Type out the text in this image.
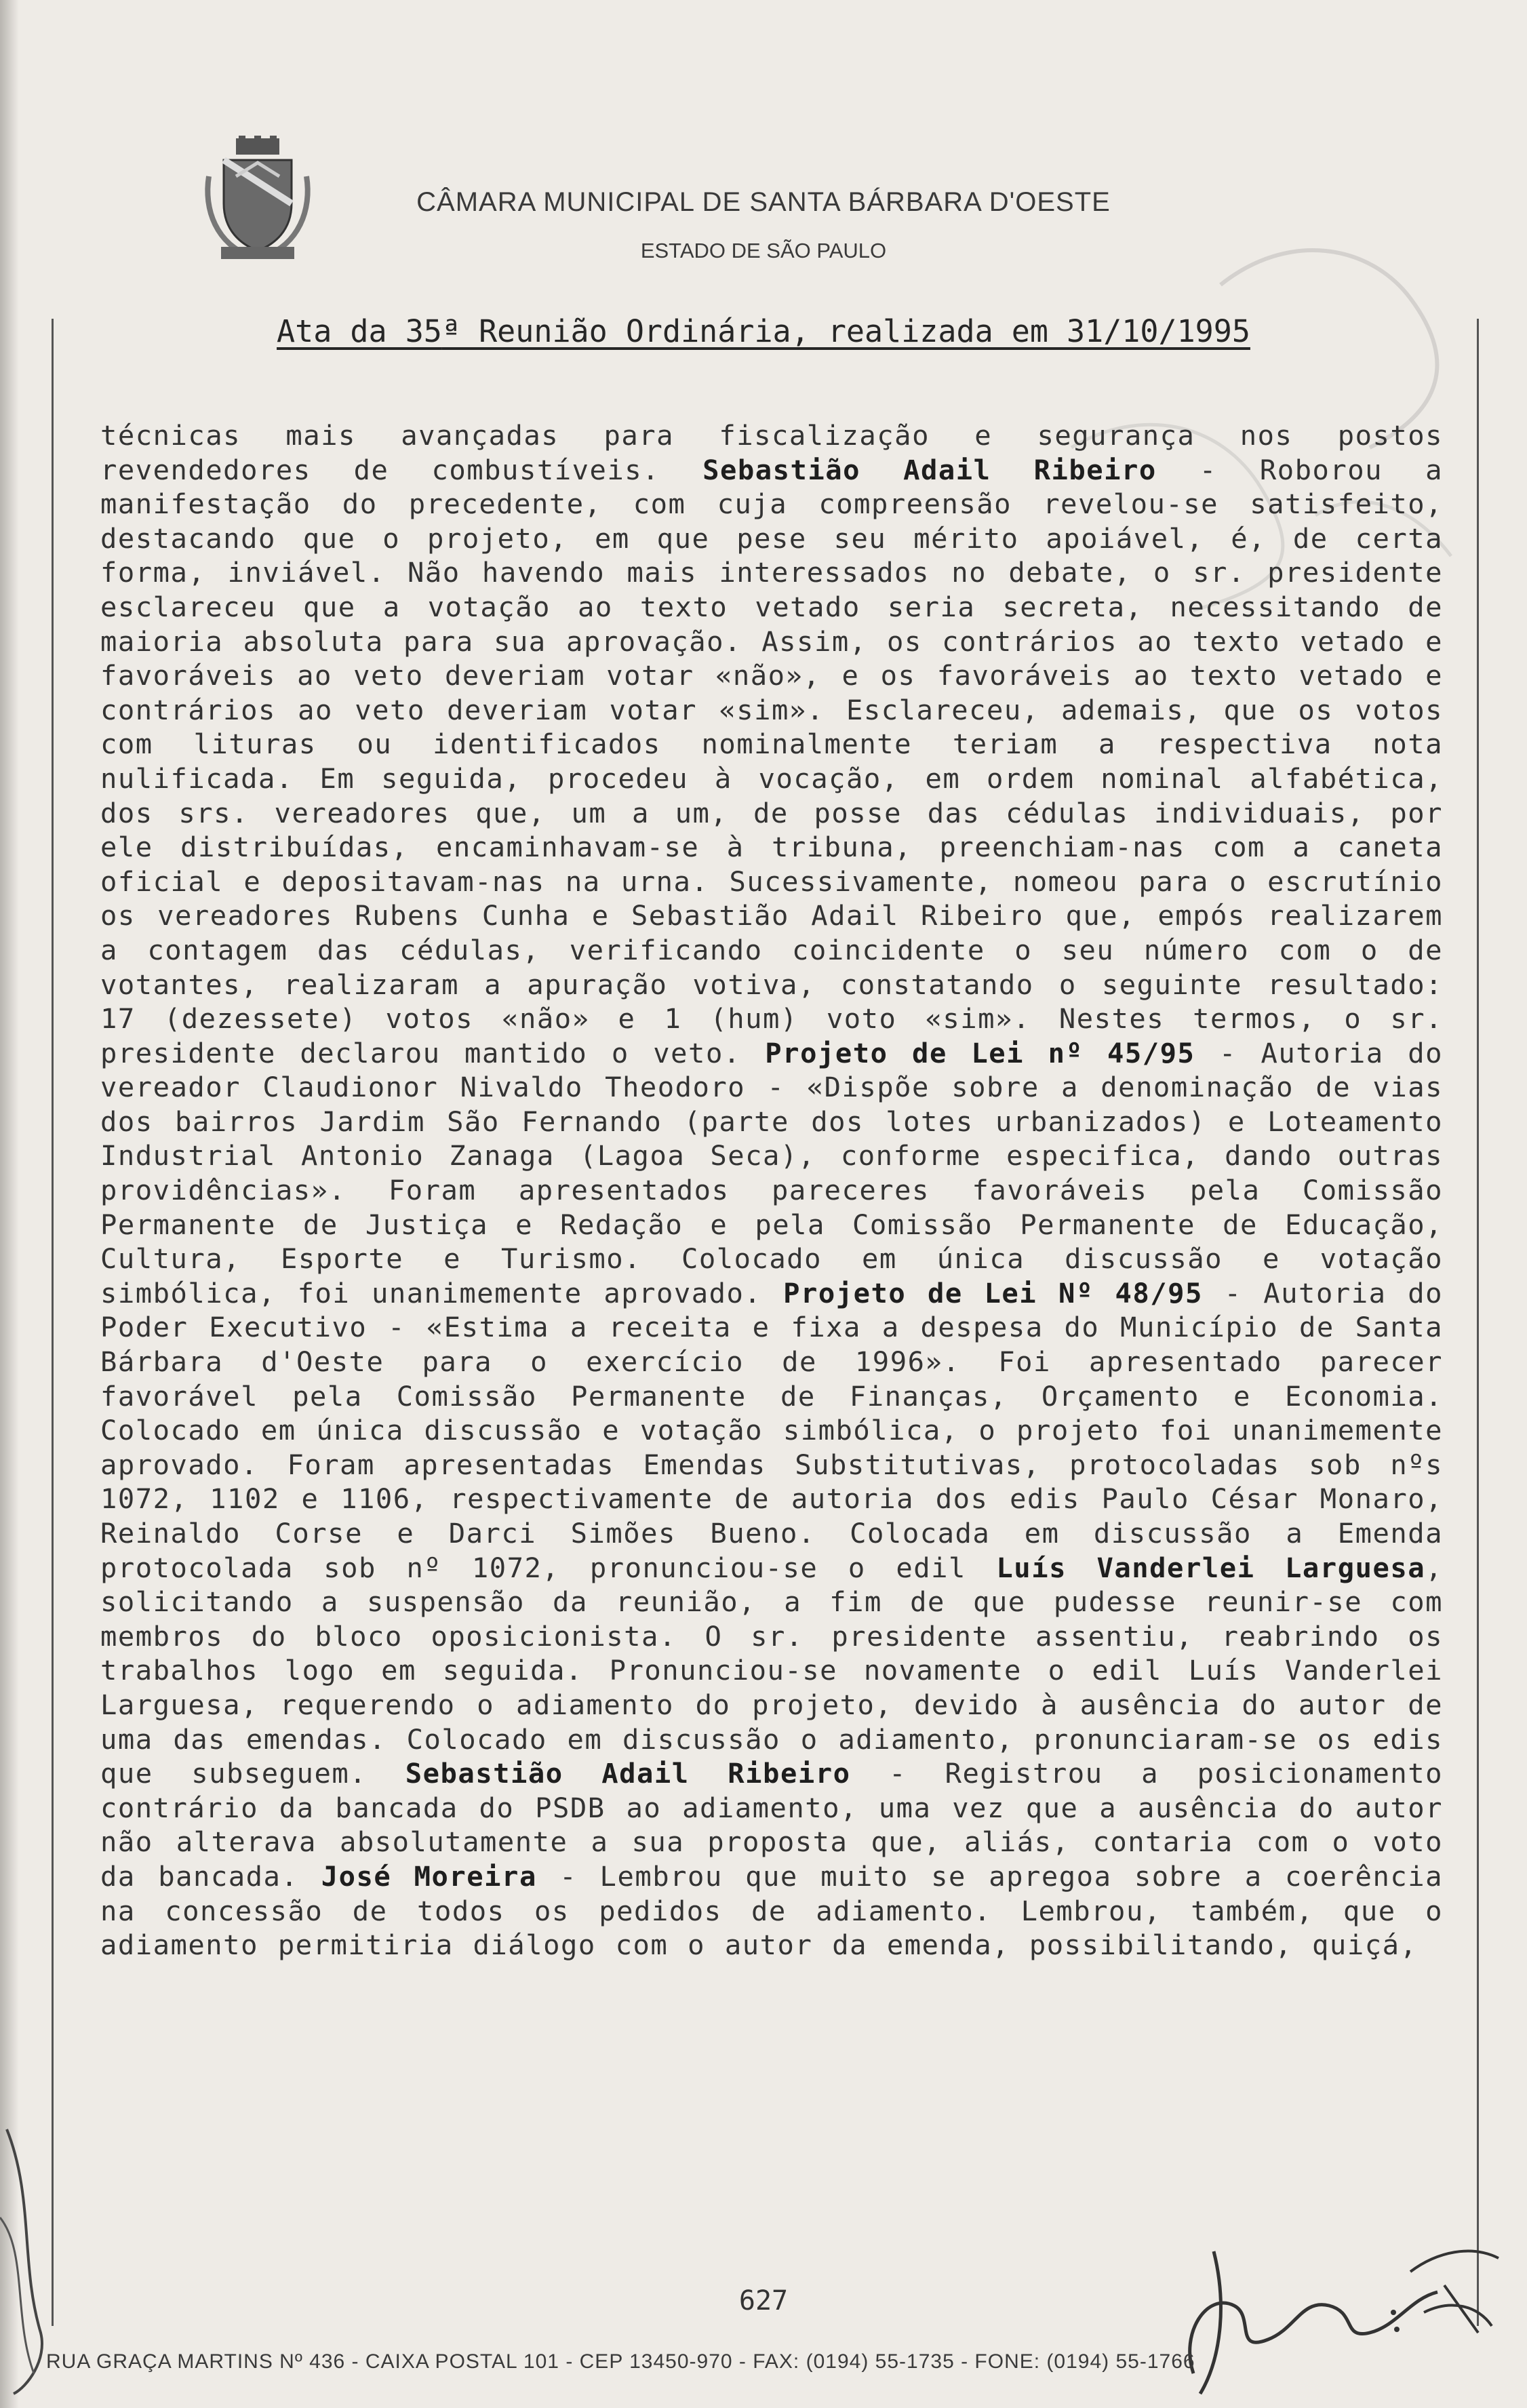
CÂMARA MUNICIPAL DE SANTA BÁRBARA D'OESTE
ESTADO DE SÃO PAULO
Ata da 35ª Reunião Ordinária, realizada em 31/10/1995
técnicas mais avançadas para fiscalização e segurança nos postos revendedores de combustíveis. Sebastião Adail Ribeiro - Roborou a manifestação do precedente, com cuja compreensão revelou-se satisfeito, destacando que o projeto, em que pese seu mérito apoiável, é, de certa forma, inviável. Não havendo mais interessados no debate, o sr. presidente esclareceu que a votação ao texto vetado seria secreta, necessitando de maioria absoluta para sua aprovação. Assim, os contrários ao texto vetado e favoráveis ao veto deveriam votar «não», e os favoráveis ao texto vetado e contrários ao veto deveriam votar «sim». Esclareceu, ademais, que os votos com lituras ou identificados nominalmente teriam a respectiva nota nulificada. Em seguida, procedeu à vocação, em ordem nominal alfabética, dos srs. vereadores que, um a um, de posse das cédulas individuais, por ele distribuídas, encaminhavam-se à tribuna, preenchiam-nas com a caneta oficial e depositavam-nas na urna. Sucessivamente, nomeou para o escrutínio os vereadores Rubens Cunha e Sebastião Adail Ribeiro que, empós realizarem a contagem das cédulas, verificando coincidente o seu número com o de votantes, realizaram a apuração votiva, constatando o seguinte resultado: 17 (dezessete) votos «não» e 1 (hum) voto «sim». Nestes termos, o sr. presidente declarou mantido o veto. Projeto de Lei nº 45/95 - Autoria do vereador Claudionor Nivaldo Theodoro - «Dispõe sobre a denominação de vias dos bairros Jardim São Fernando (parte dos lotes urbanizados) e Loteamento Industrial Antonio Zanaga (Lagoa Seca), conforme especifica, dando outras providências». Foram apresentados pareceres favoráveis pela Comissão Permanente de Justiça e Redação e pela Comissão Permanente de Educação, Cultura, Esporte e Turismo. Colocado em única discussão e votação simbólica, foi unanimemente aprovado. Projeto de Lei Nº 48/95 - Autoria do Poder Executivo - «Estima a receita e fixa a despesa do Município de Santa Bárbara d'Oeste para o exercício de 1996». Foi apresentado parecer favorável pela Comissão Permanente de Finanças, Orçamento e Economia. Colocado em única discussão e votação simbólica, o projeto foi unanimemente aprovado. Foram apresentadas Emendas Substitutivas, protocoladas sob nºs 1072, 1102 e 1106, respectivamente de autoria dos edis Paulo César Monaro, Reinaldo Corse e Darci Simões Bueno. Colocada em discussão a Emenda protocolada sob nº 1072, pronunciou-se o edil Luís Vanderlei Larguesa, solicitando a suspensão da reunião, a fim de que pudesse reunir-se com membros do bloco oposicionista. O sr. presidente assentiu, reabrindo os trabalhos logo em seguida. Pronunciou-se novamente o edil Luís Vanderlei Larguesa, requerendo o adiamento do projeto, devido à ausência do autor de uma das emendas. Colocado em discussão o adiamento, pronunciaram-se os edis que subseguem. Sebastião Adail Ribeiro - Registrou a posicionamento contrário da bancada do PSDB ao adiamento, uma vez que a ausência do autor não alterava absolutamente a sua proposta que, aliás, contaria com o voto da bancada. José Moreira - Lembrou que muito se apregoa sobre a coerência na concessão de todos os pedidos de adiamento. Lembrou, também, que o adiamento permitiria diálogo com o autor da emenda, possibilitando, quiçá,
627
RUA GRAÇA MARTINS Nº 436 - CAIXA POSTAL 101 - CEP 13450-970 - FAX: (0194) 55-1735 - FONE: (0194) 55-1766
